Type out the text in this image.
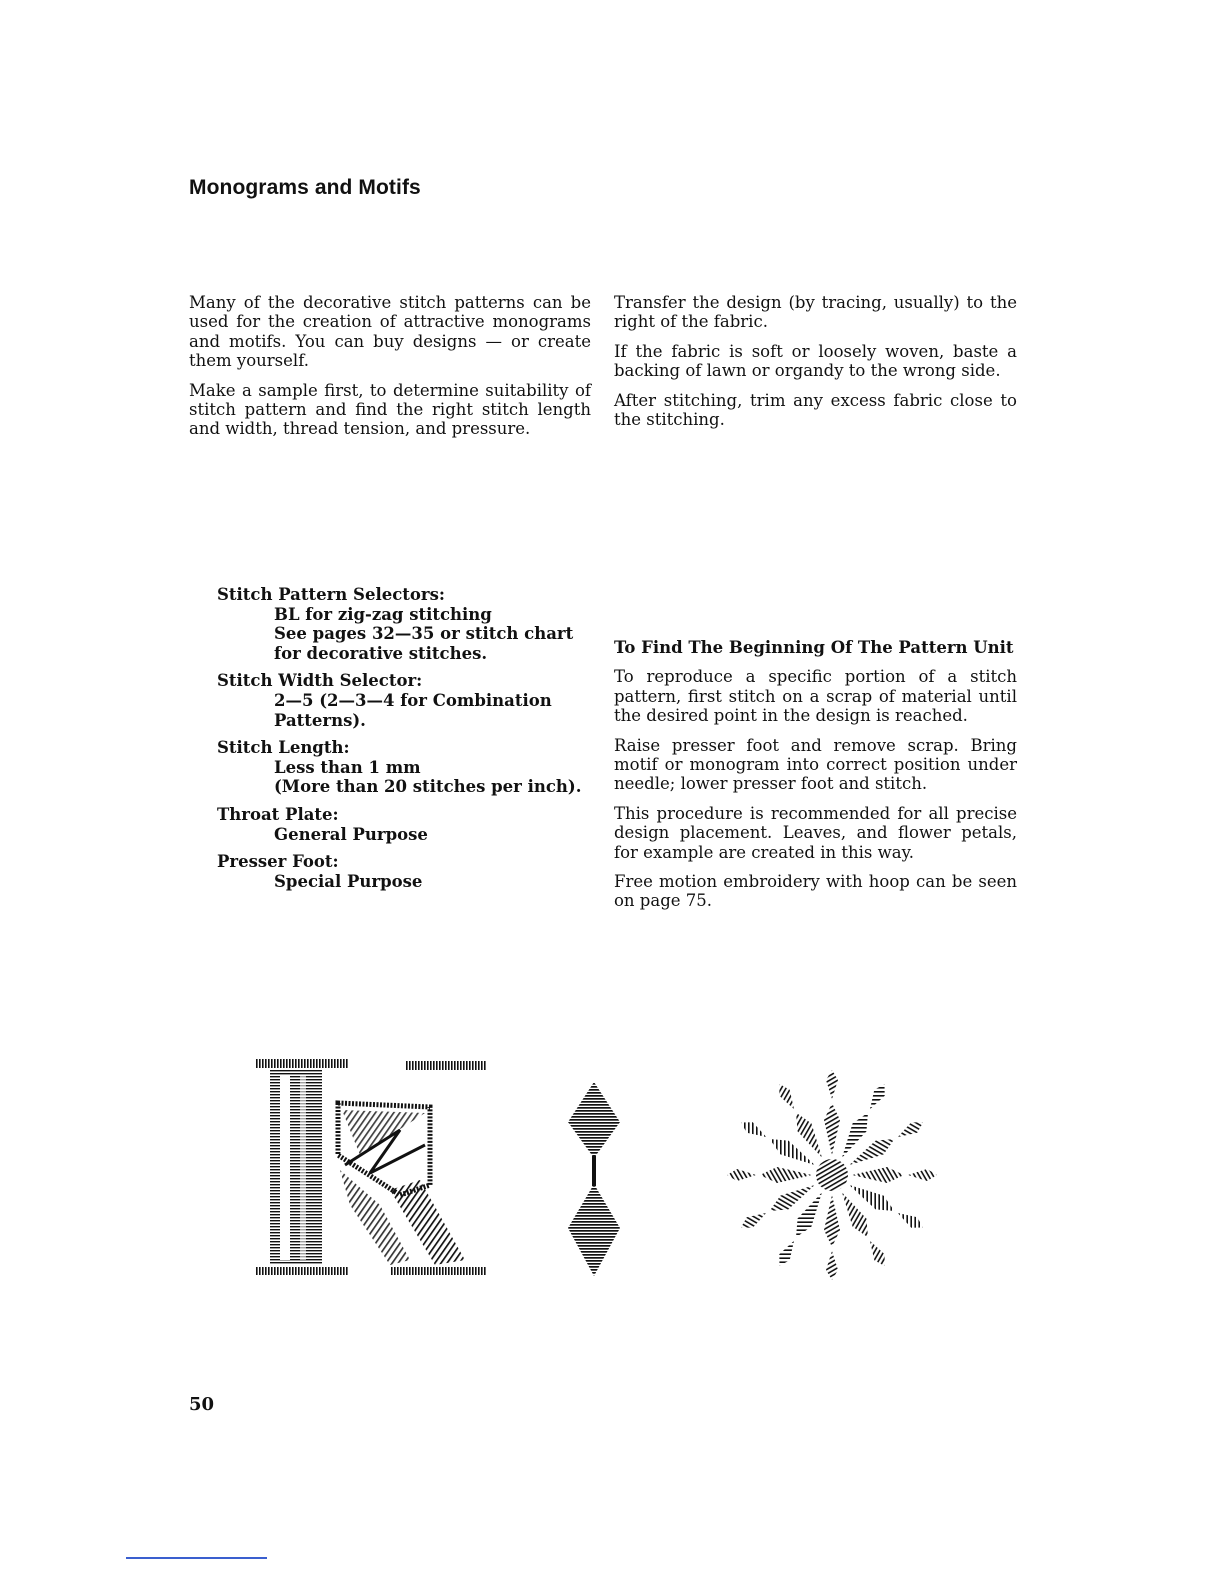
Monograms and Motifs

Many of the decorative stitch patterns can be used for the creation of attractive monograms and motifs. You can buy designs — or create them yourself.

Make a sample first, to determine suitability of stitch pattern and find the right stitch length and width, thread tension, and pressure.

Transfer the design (by tracing, usually) to the right of the fabric.

If the fabric is soft or loosely woven, baste a backing of lawn or organdy to the wrong side.

After stitching, trim any excess fabric close to the stitching.

Stitch Pattern Selectors:
BL for zig-zag stitching
See pages 32—35 or stitch chart for decorative stitches.
Stitch Width Selector:
2—5 (2—3—4 for Combination Patterns).
Stitch Length:
Less than 1 mm
(More than 20 stitches per inch).
Throat Plate:
General Purpose
Presser Foot:
Special Purpose

To Find The Beginning Of The Pattern Unit

To reproduce a specific portion of a stitch pattern, first stitch on a scrap of material until the desired point in the design is reached.

Raise presser foot and remove scrap. Bring motif or monogram into correct position under needle; lower presser foot and stitch.

This procedure is recommended for all precise design placement. Leaves, and flower petals, for example are created in this way.

Free motion embroidery with hoop can be seen on page 75.

50
